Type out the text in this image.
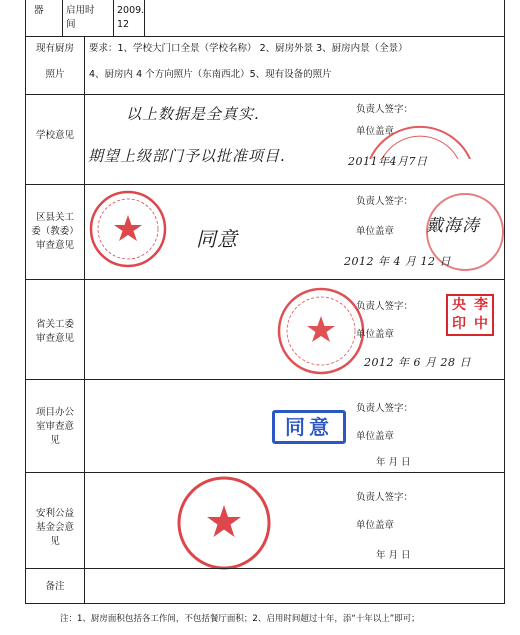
器 启用时
间
2009.
12
现有厨房
照片
要求：1、学校大门口全景（学校名称） 2、厨房外景 3、厨房内景（全景）
4、厨房内 4 个方向照片（东南西北）5、现有设备的照片
学校意见
以上数据是全真实.
期望上级部门予以批准项目.	2011年4月7日
负责人签字：
单位盖章
区县关工
委（教委）
审查意见	同意
负责人签字：
单位盖章 戴海涛
2012 年 4 月 12 日
省关工委
审查意见
央 李
印 中
负责人签字：
单位盖章
2012 年 6 月 28 日
项目办公
室审查意
见
同意
负责人签字：
单位盖章
年 月 日
安利公益
基金会意
见
负责人签字：
单位盖章
年 月 日
备注
注：1、厨房面积包括各工作间，不包括餐厅面积；2、启用时间超过十年，添“十年以上”即可；
